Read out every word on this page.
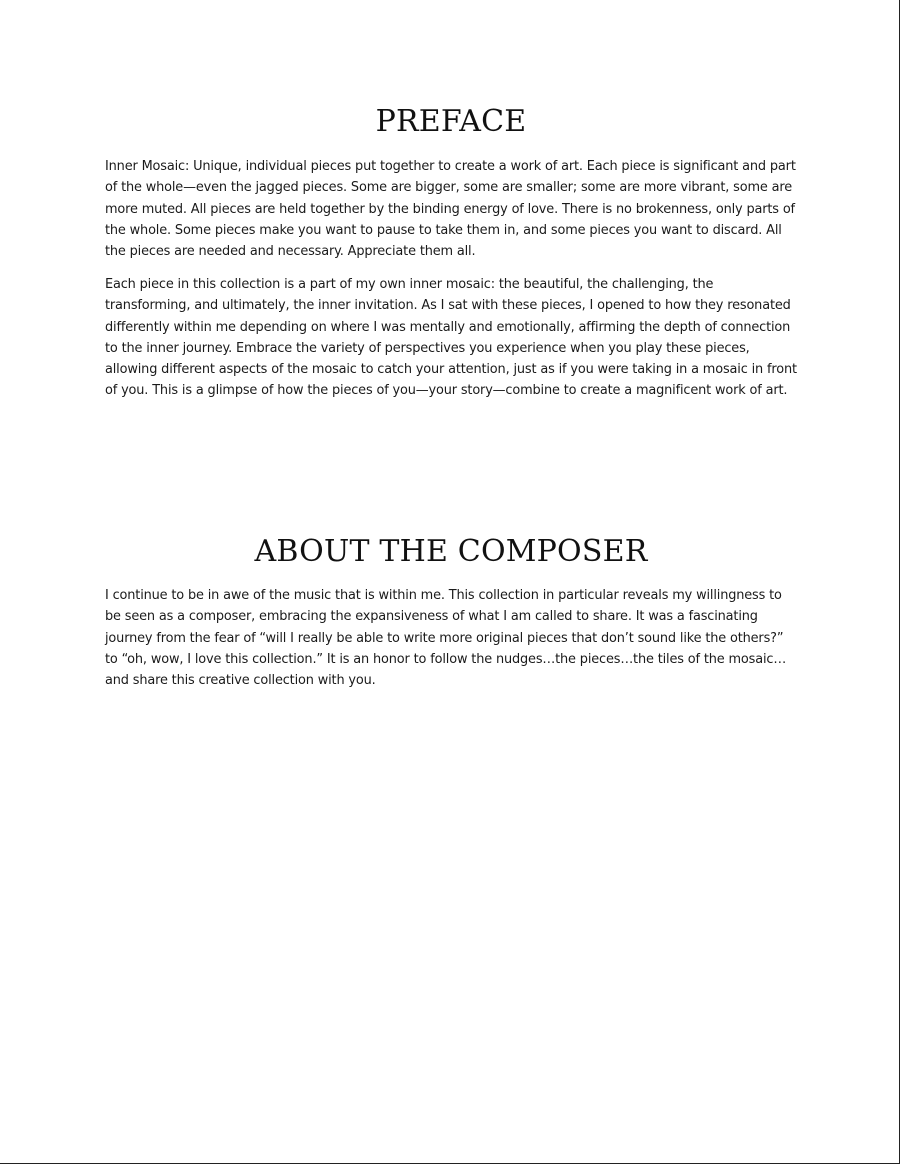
PREFACE

Inner Mosaic: Unique, individual pieces put together to create a work of art. Each piece is significant and part of the whole—even the jagged pieces. Some are bigger, some are smaller; some are more vibrant, some are more muted. All pieces are held together by the binding energy of love. There is no brokenness, only parts of the whole. Some pieces make you want to pause to take them in, and some pieces you want to discard. All the pieces are needed and necessary. Appreciate them all.

Each piece in this collection is a part of my own inner mosaic: the beautiful, the challenging, the transforming, and ultimately, the inner invitation. As I sat with these pieces, I opened to how they resonated differently within me depending on where I was mentally and emotionally, affirming the depth of connection to the inner journey. Embrace the variety of perspectives you experience when you play these pieces, allowing different aspects of the mosaic to catch your attention, just as if you were taking in a mosaic in front of you. This is a glimpse of how the pieces of you—your story—combine to create a magnificent work of art.

ABOUT THE COMPOSER

I continue to be in awe of the music that is within me. This collection in particular reveals my willingness to be seen as a composer, embracing the expansiveness of what I am called to share. It was a fascinating journey from the fear of “will I really be able to write more original pieces that don’t sound like the others?” to “oh, wow, I love this collection.” It is an honor to follow the nudges…the pieces…the tiles of the mosaic…and share this creative collection with you.
